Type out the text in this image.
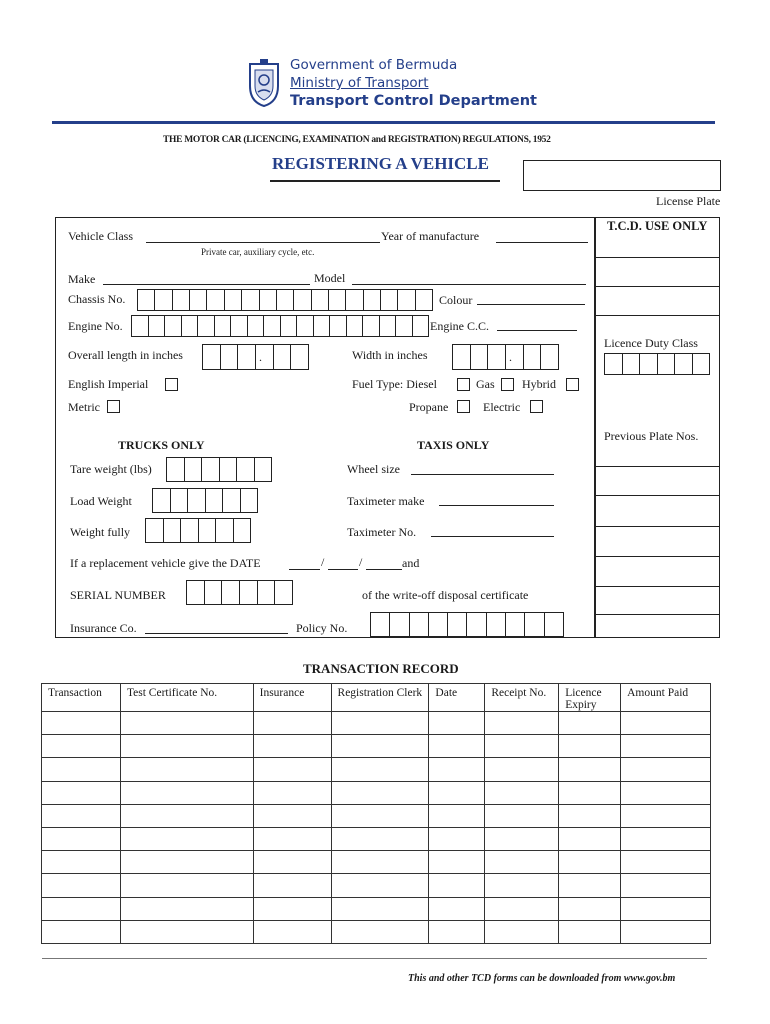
Government of Bermuda
Ministry of Transport
Transport Control Department
THE MOTOR CAR (LICENCING, EXAMINATION and REGISTRATION) REGULATIONS, 1952
REGISTERING A VEHICLE
License Plate
Vehicle Class	Year of manufacture
Private car, auxiliary cycle, etc.
Make	Model
Chassis No.	Colour
Engine No.	Engine C.C.
Overall length in inches	.	Width in inches	.
English Imperial	Fuel Type: Diesel	Gas Hybrid
Metric	Propane	Electric
TRUCKS ONLY	TAXIS ONLY
Tare weight (lbs)	Wheel size
Load Weight	Taximeter make
Weight fully	Taximeter No.
If a replacement vehicle give the DATE	/	/	and
SERIAL NUMBER	of the write-off disposal certificate
Insurance Co.	Policy No.
T.C.D. USE ONLY
Licence Duty Class
Previous Plate Nos.
TRANSACTION RECORD
Transaction	Test Certificate No.	Insurance	Registration Clerk	Date	Receipt No.	Licence Expiry	Amount Paid

This and other TCD forms can be downloaded from www.gov.bm
